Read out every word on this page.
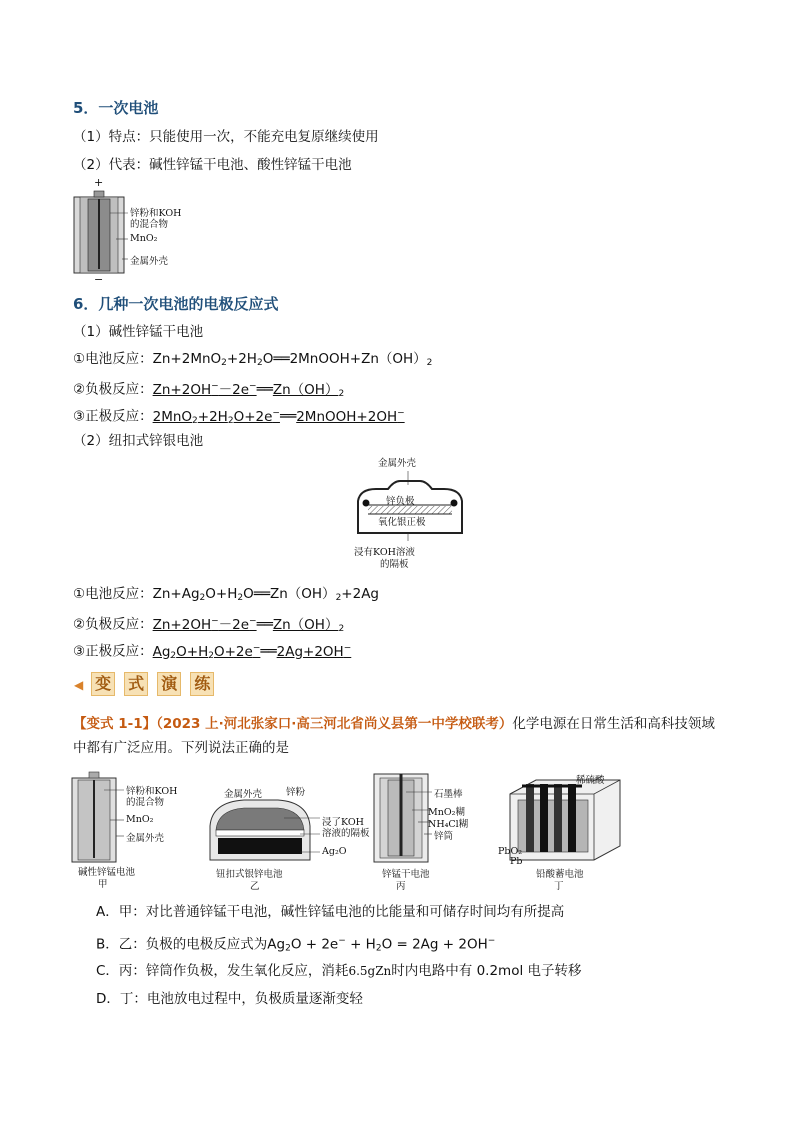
5．一次电池
（1）特点：只能使用一次，不能充电复原继续使用
（2）代表：碱性锌锰干电池、酸性锌锰干电池
+
−
锌粉和KOH
的混合物
MnO₂
金属外壳
6．几种一次电池的电极反应式
（1）碱性锌锰干电池
①电池反应：$Zn+2MnO_2+2H_2O══2MnOOH+Zn(OH)_2$
②负极反应：$Zn+2OH^--2e^-══Zn(OH)_2$
③正极反应：$2MnO_2+2H_2O+2e^-══2MnOOH+2OH^-$
（2）纽扣式锌银电池
金属外壳
锌负极
氧化银正极
浸有KOH溶液
的隔板
①电池反应：$Zn+Ag_2O+H_2O══Zn(OH)_2+2Ag$
②负极反应：$Zn+2OH^--2e^-══Zn(OH)_2$
③正极反应：$Ag_2O+H_2O+2e^-══2Ag+2OH^-$
◀ 变 式 演 练
【变式 1-1】（2023 上·河北张家口·高三河北省尚义县第一中学校联考）化学电源在日常生活和高科技领域
中都有广泛应用。下列说法正确的是
锌粉和KOH
的混合物
MnO₂
金属外壳
碱性锌锰电池
甲
金属外壳	锌粉
浸了KOH
溶液的隔板
Ag₂O
钮扣式银锌电池
乙
石墨棒
MnO₂糊
NH₄Cl糊
锌筒
锌锰干电池
丙
稀硫酸
PbO₂
Pb
铅酸蓄电池
丁
A．甲：对比普通锌锰干电池，碱性锌锰电池的比能量和可储存时间均有所提高
B．乙：负极的电极反应式为$Ag_2O + 2e^- + H_2O = 2Ag + 2OH^-$
C．丙：锌筒作负极，发生氧化反应，消耗6.5gZn时内电路中有 0.2mol 电子转移
D．丁：电池放电过程中，负极质量逐渐变轻
